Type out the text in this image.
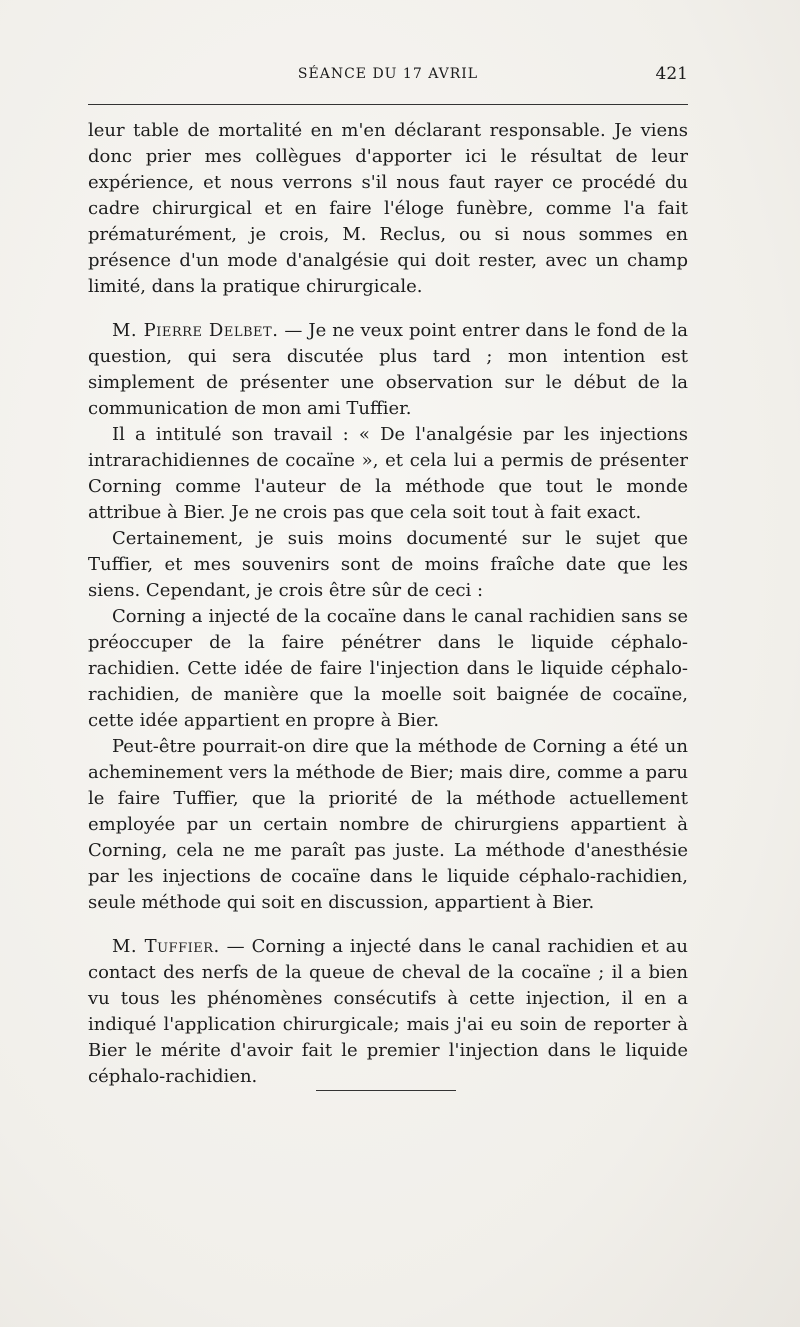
SÉANCE DU 17 AVRIL	421

leur table de mortalité en m'en déclarant responsable. Je viens donc prier mes collègues d'apporter ici le résultat de leur expérience, et nous verrons s'il nous faut rayer ce procédé du cadre chirurgical et en faire l'éloge funèbre, comme l'a fait prématurément, je crois, M. Reclus, ou si nous sommes en présence d'un mode d'analgésie qui doit rester, avec un champ limité, dans la pratique chirurgicale.

M. Pierre Delbet. — Je ne veux point entrer dans le fond de la question, qui sera discutée plus tard ; mon intention est simplement de présenter une observation sur le début de la communication de mon ami Tuffier.

Il a intitulé son travail : « De l'analgésie par les injections intrarachidiennes de cocaïne », et cela lui a permis de présenter Corning comme l'auteur de la méthode que tout le monde attribue à Bier. Je ne crois pas que cela soit tout à fait exact.

Certainement, je suis moins documenté sur le sujet que Tuffier, et mes souvenirs sont de moins fraîche date que les siens. Cependant, je crois être sûr de ceci :

Corning a injecté de la cocaïne dans le canal rachidien sans se préoccuper de la faire pénétrer dans le liquide céphalo-rachidien. Cette idée de faire l'injection dans le liquide céphalo-rachidien, de manière que la moelle soit baignée de cocaïne, cette idée appartient en propre à Bier.

Peut-être pourrait-on dire que la méthode de Corning a été un acheminement vers la méthode de Bier; mais dire, comme a paru le faire Tuffier, que la priorité de la méthode actuellement employée par un certain nombre de chirurgiens appartient à Corning, cela ne me paraît pas juste. La méthode d'anesthésie par les injections de cocaïne dans le liquide céphalo-rachidien, seule méthode qui soit en discussion, appartient à Bier.

M. Tuffier. — Corning a injecté dans le canal rachidien et au contact des nerfs de la queue de cheval de la cocaïne ; il a bien vu tous les phénomènes consécutifs à cette injection, il en a indiqué l'application chirurgicale; mais j'ai eu soin de reporter à Bier le mérite d'avoir fait le premier l'injection dans le liquide céphalo-rachidien.
